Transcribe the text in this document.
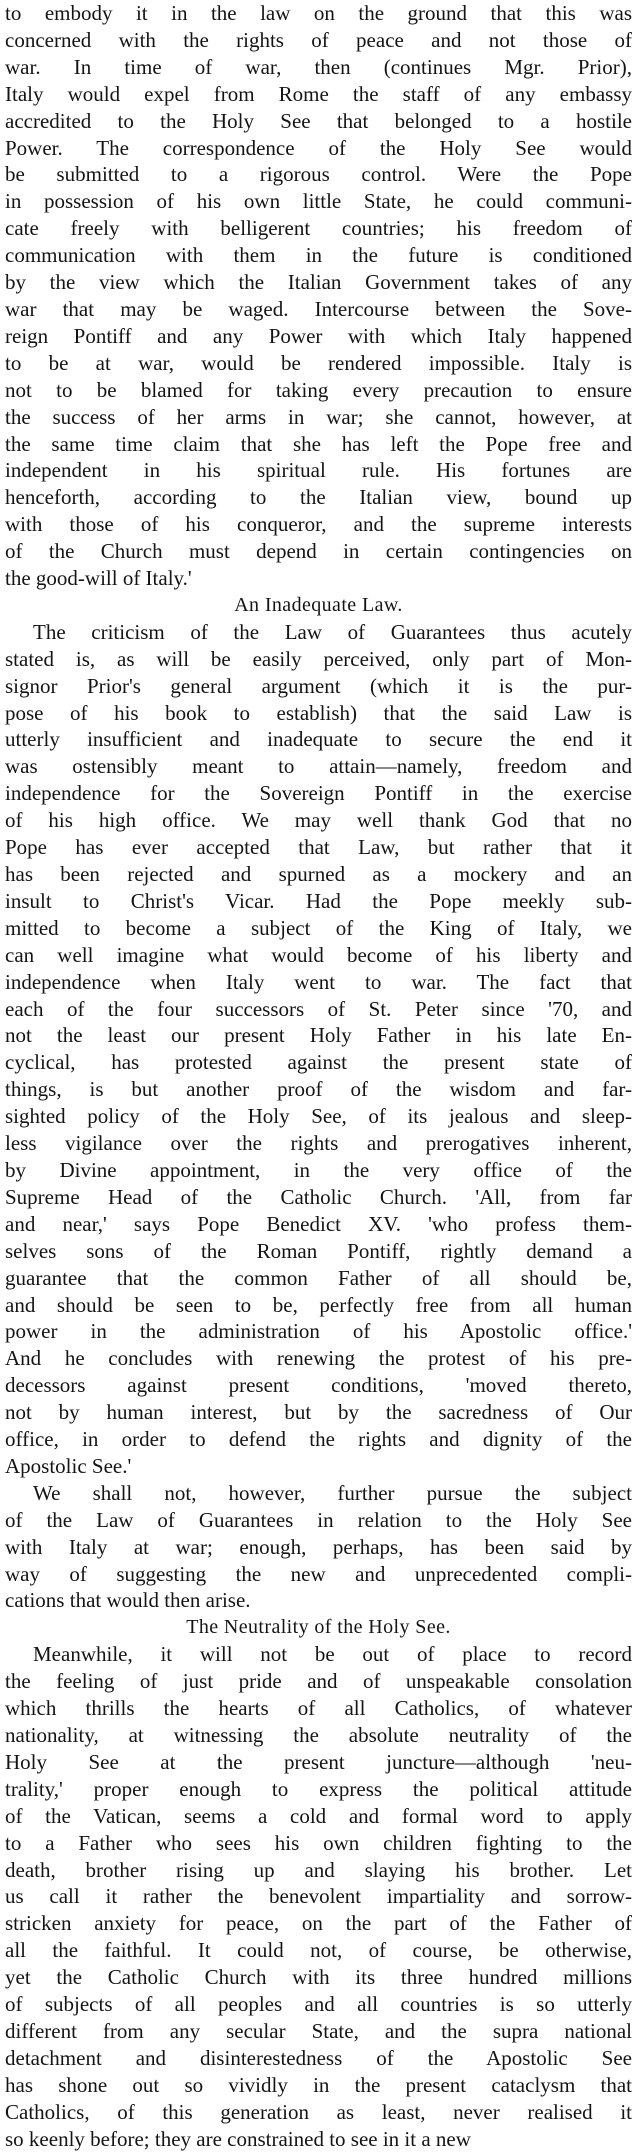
to embody it in the law on the ground that this was
concerned with the rights of peace and not those of
war. In time of war, then (continues Mgr. Prior),
Italy would expel from Rome the staff of any embassy
accredited to the Holy See that belonged to a hostile
Power. The correspondence of the Holy See would
be submitted to a rigorous control. Were the Pope
in possession of his own little State, he could communi-
cate freely with belligerent countries; his freedom of
communication with them in the future is conditioned
by the view which the Italian Government takes of any
war that may be waged. Intercourse between the Sove-
reign Pontiff and any Power with which Italy happened
to be at war, would be rendered impossible. Italy is
not to be blamed for taking every precaution to ensure
the success of her arms in war; she cannot, however, at
the same time claim that she has left the Pope free and
independent in his spiritual rule. His fortunes are
henceforth, according to the Italian view, bound up
with those of his conqueror, and the supreme interests
of the Church must depend in certain contingencies on
the good-will of Italy.'
An Inadequate Law.
The criticism of the Law of Guarantees thus acutely
stated is, as will be easily perceived, only part of Mon-
signor Prior's general argument (which it is the pur-
pose of his book to establish) that the said Law is
utterly insufficient and inadequate to secure the end it
was ostensibly meant to attain—namely, freedom and
independence for the Sovereign Pontiff in the exercise
of his high office. We may well thank God that no
Pope has ever accepted that Law, but rather that it
has been rejected and spurned as a mockery and an
insult to Christ's Vicar. Had the Pope meekly sub-
mitted to become a subject of the King of Italy, we
can well imagine what would become of his liberty and
independence when Italy went to war. The fact that
each of the four successors of St. Peter since '70, and
not the least our present Holy Father in his late En-
cyclical, has protested against the present state of
things, is but another proof of the wisdom and far-
sighted policy of the Holy See, of its jealous and sleep-
less vigilance over the rights and prerogatives inherent,
by Divine appointment, in the very office of the
Supreme Head of the Catholic Church. 'All, from far
and near,' says Pope Benedict XV. 'who profess them-
selves sons of the Roman Pontiff, rightly demand a
guarantee that the common Father of all should be,
and should be seen to be, perfectly free from all human
power in the administration of his Apostolic office.'
And he concludes with renewing the protest of his pre-
decessors against present conditions, 'moved thereto,
not by human interest, but by the sacredness of Our
office, in order to defend the rights and dignity of the
Apostolic See.'
We shall not, however, further pursue the subject
of the Law of Guarantees in relation to the Holy See
with Italy at war; enough, perhaps, has been said by
way of suggesting the new and unprecedented compli-
cations that would then arise.
The Neutrality of the Holy See.
Meanwhile, it will not be out of place to record
the feeling of just pride and of unspeakable consolation
which thrills the hearts of all Catholics, of whatever
nationality, at witnessing the absolute neutrality of the
Holy See at the present juncture—although 'neu-
trality,' proper enough to express the political attitude
of the Vatican, seems a cold and formal word to apply
to a Father who sees his own children fighting to the
death, brother rising up and slaying his brother. Let
us call it rather the benevolent impartiality and sorrow-
stricken anxiety for peace, on the part of the Father of
all the faithful. It could not, of course, be otherwise,
yet the Catholic Church with its three hundred millions
of subjects of all peoples and all countries is so utterly
different from any secular State, and the supra national
detachment and disinterestedness of the Apostolic See
has shone out so vividly in the present cataclysm that
Catholics, of this generation as least, never realised it
so keenly before; they are constrained to see in it a new
